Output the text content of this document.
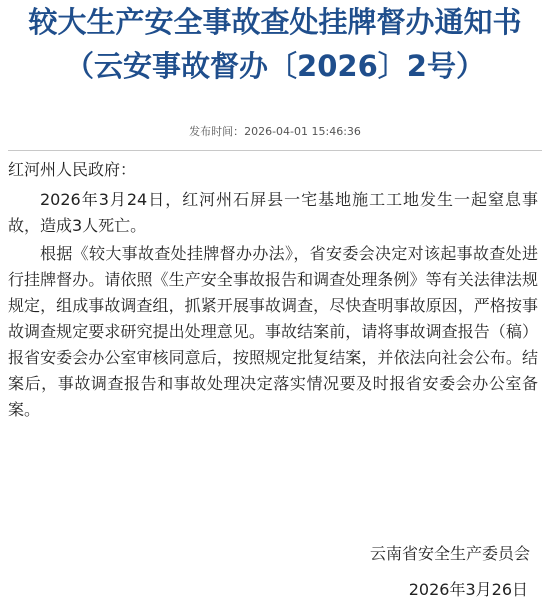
较大生产安全事故查处挂牌督办通知书
（云安事故督办〔2026〕2号）
发布时间：2026-04-01 15:46:36
红河州人民政府：

2026年3月24日，红河州石屏县一宅基地施工工地发生一起窒息事故，造成3人死亡。

根据《较大事故查处挂牌督办办法》，省安委会决定对该起事故查处进行挂牌督办。请依照《生产安全事故报告和调查处理条例》等有关法律法规规定，组成事故调查组，抓紧开展事故调查，尽快查明事故原因，严格按事故调查规定要求研究提出处理意见。事故结案前，请将事故调查报告（稿）报省安委会办公室审核同意后，按照规定批复结案，并依法向社会公布。结案后，事故调查报告和事故处理决定落实情况要及时报省安委会办公室备案。

云南省安全生产委员会
2026年3月26日
